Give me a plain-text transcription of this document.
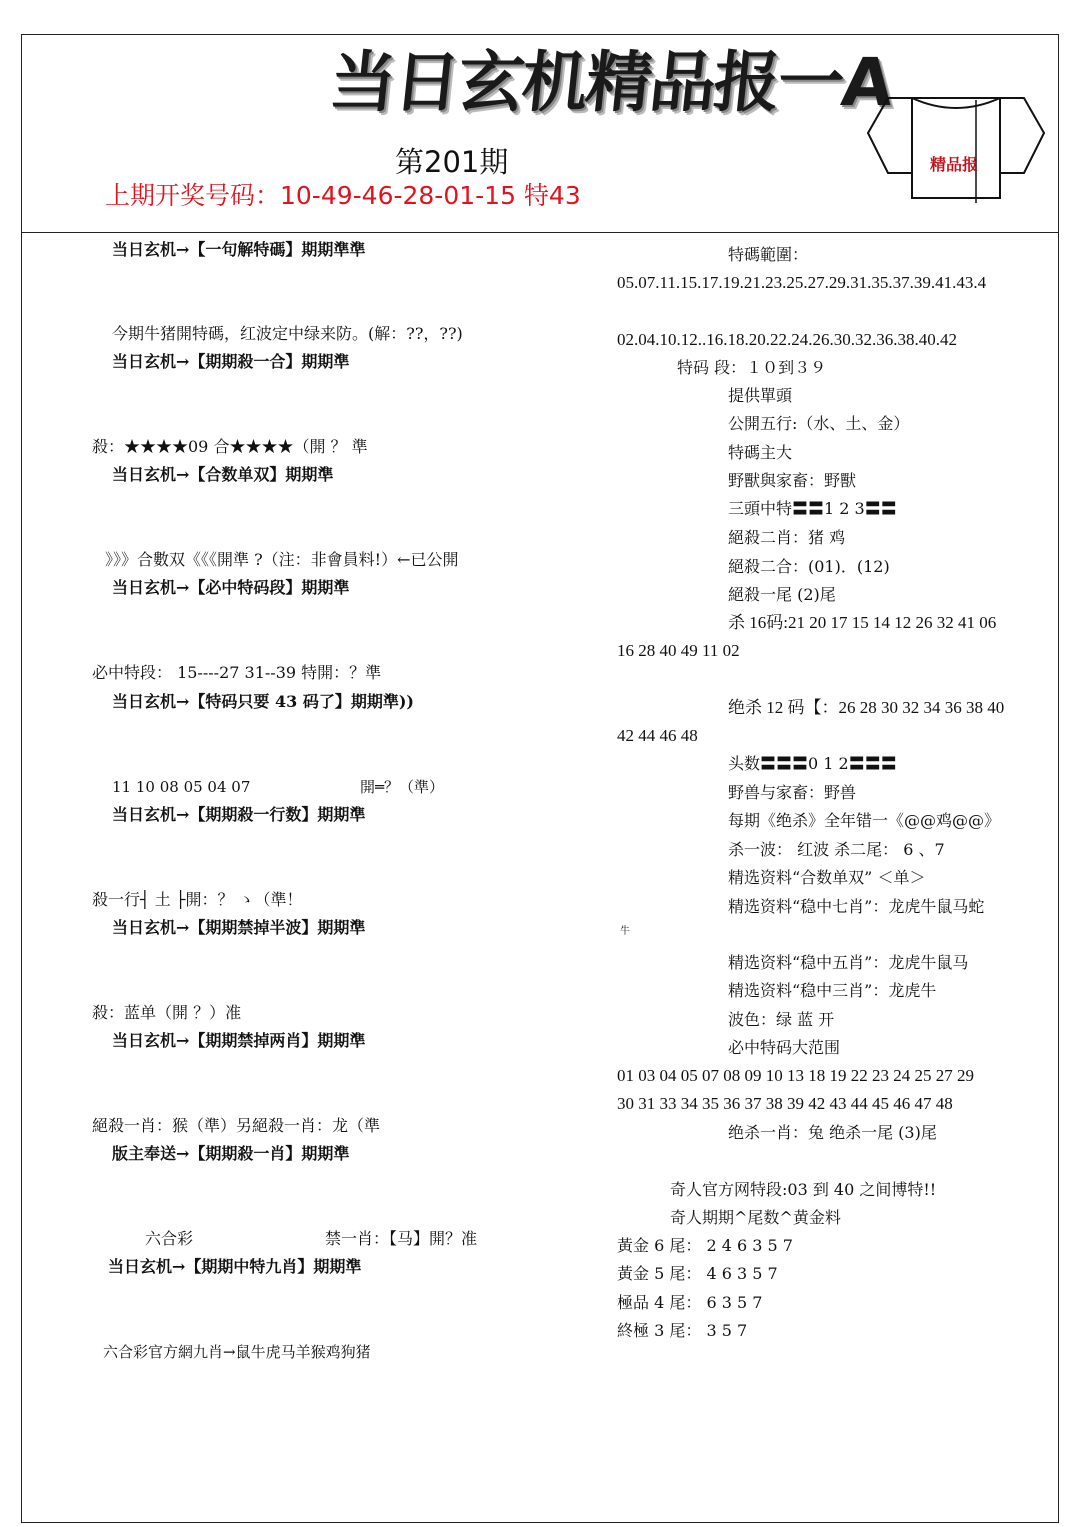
当日玄机精品报一A
第201期
上期开奖号码：10-49-46-28-01-15 特43
精品报
当日玄机→【一句解特碼】期期準準
今期牛猪開特碼，红波定中绿来防。(解：??，??)
当日玄机→【期期殺一合】期期準
殺：★★★★09 合★★★★（開 ？ 準
当日玄机→【合数单双】期期準
》》》合數双《《《開準 ?（注：非會員料!）←已公開
当日玄机→【必中特码段】期期準
必中特段： 15----27 31--39 特開：？準
当日玄机→【特码只要 43 码了】期期準))
11 10 08 05 04 07	開═？（準）
当日玄机→【期期殺一行数】期期準
殺一行┤ 土 ├開：？ ゝ（準！
当日玄机→【期期禁掉半波】期期準
殺：蓝单（開 ？）准
当日玄机→【期期禁掉两肖】期期準
絕殺一肖：猴（準）另絕殺一肖：龙（準
版主奉送→【期期殺一肖】期期準
六合彩	禁一肖：【马】開？准
当日玄机→【期期中特九肖】期期準
六合彩官方網九肖→鼠牛虎马羊猴鸡狗猪
特碼範圍：
05.07.11.15.17.19.21.23.25.27.29.31.35.37.39.41.43.4
02.04.10.12..16.18.20.22.24.26.30.32.36.38.40.42
特码 段：１０到３９
提供單頭
公開五行:（水、土、金）
特碼主大
野獸與家畜：野獸
三頭中特〓〓1 2 3〓〓
絕殺二肖：猪 鸡
絕殺二合：(01)．(12)
絕殺一尾 (2)尾
杀 16码:21 20 17 15 14 12 26 32 41 06
16 28 40 49 11 02
绝杀 12 码【：26 28 30 32 34 36 38 40
42 44 46 48
头数〓〓〓0 1 2〓〓〓
野兽与家畜：野兽
每期《绝杀》全年错一《@@鸡@@》
杀一波： 红波 杀二尾： 6 、7
精选资料“合数单双” ＜单＞
精选资料“稳中七肖”：龙虎牛鼠马蛇
牛
精选资料“稳中五肖”：龙虎牛鼠马
精选资料“稳中三肖”：龙虎牛
波色：绿 蓝 开
必中特码大范围
01 03 04 05 07 08 09 10 13 18 19 22 23 24 25 27 29
30 31 33 34 35 36 37 38 39 42 43 44 45 46 47 48
绝杀一肖：兔 绝杀一尾 (3)尾
奇人官方网特段:03 到 40 之间博特!!
奇人期期^尾数^黄金料
黃金 6 尾： 2 4 6 3 5 7
黃金 5 尾： 4 6 3 5 7
極品 4 尾： 6 3 5 7
終極 3 尾： 3 5 7
